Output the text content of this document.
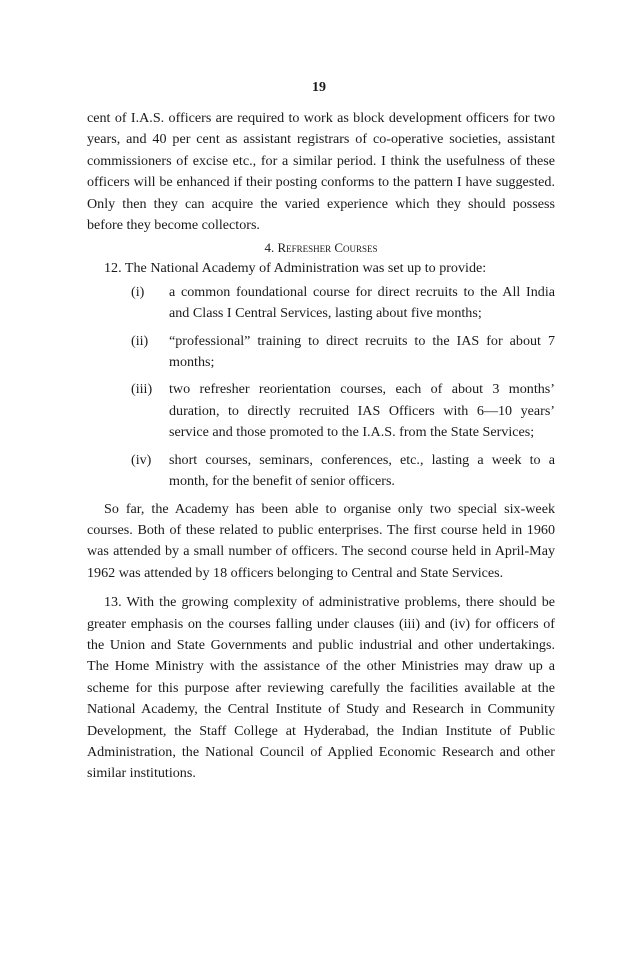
19

cent of I.A.S. officers are required to work as block development officers for two years, and 40 per cent as assistant registrars of co-operative societies, assistant commissioners of excise etc., for a similar period. I think the usefulness of these officers will be enhanced if their posting conforms to the pattern I have suggested. Only then they can acquire the varied experience which they should possess before they become collectors.

4. Refresher Courses

12. The National Academy of Administration was set up to provide:

(i)	a common foundational course for direct recruits to the All India and Class I Central Services, lasting about five months;
(ii)	“professional” training to direct recruits to the IAS for about 7 months;
(iii)	two refresher reorientation courses, each of about 3 months’ duration, to directly recruited IAS Officers with 6—10 years’ service and those promoted to the I.A.S. from the State Services;
(iv)	short courses, seminars, conferences, etc., lasting a week to a month, for the benefit of senior officers.

So far, the Academy has been able to organise only two special six-week courses. Both of these related to public enterprises. The first course held in 1960 was attended by a small number of officers. The second course held in April-May 1962 was attended by 18 officers belonging to Central and State Services.

13. With the growing complexity of administrative problems, there should be greater emphasis on the courses falling under clauses (iii) and (iv) for officers of the Union and State Governments and public industrial and other undertakings. The Home Ministry with the assistance of the other Ministries may draw up a scheme for this purpose after reviewing carefully the facilities available at the National Academy, the Central Institute of Study and Research in Community Development, the Staff College at Hyderabad, the Indian Institute of Public Administration, the National Council of Applied Economic Research and other similar institutions.
